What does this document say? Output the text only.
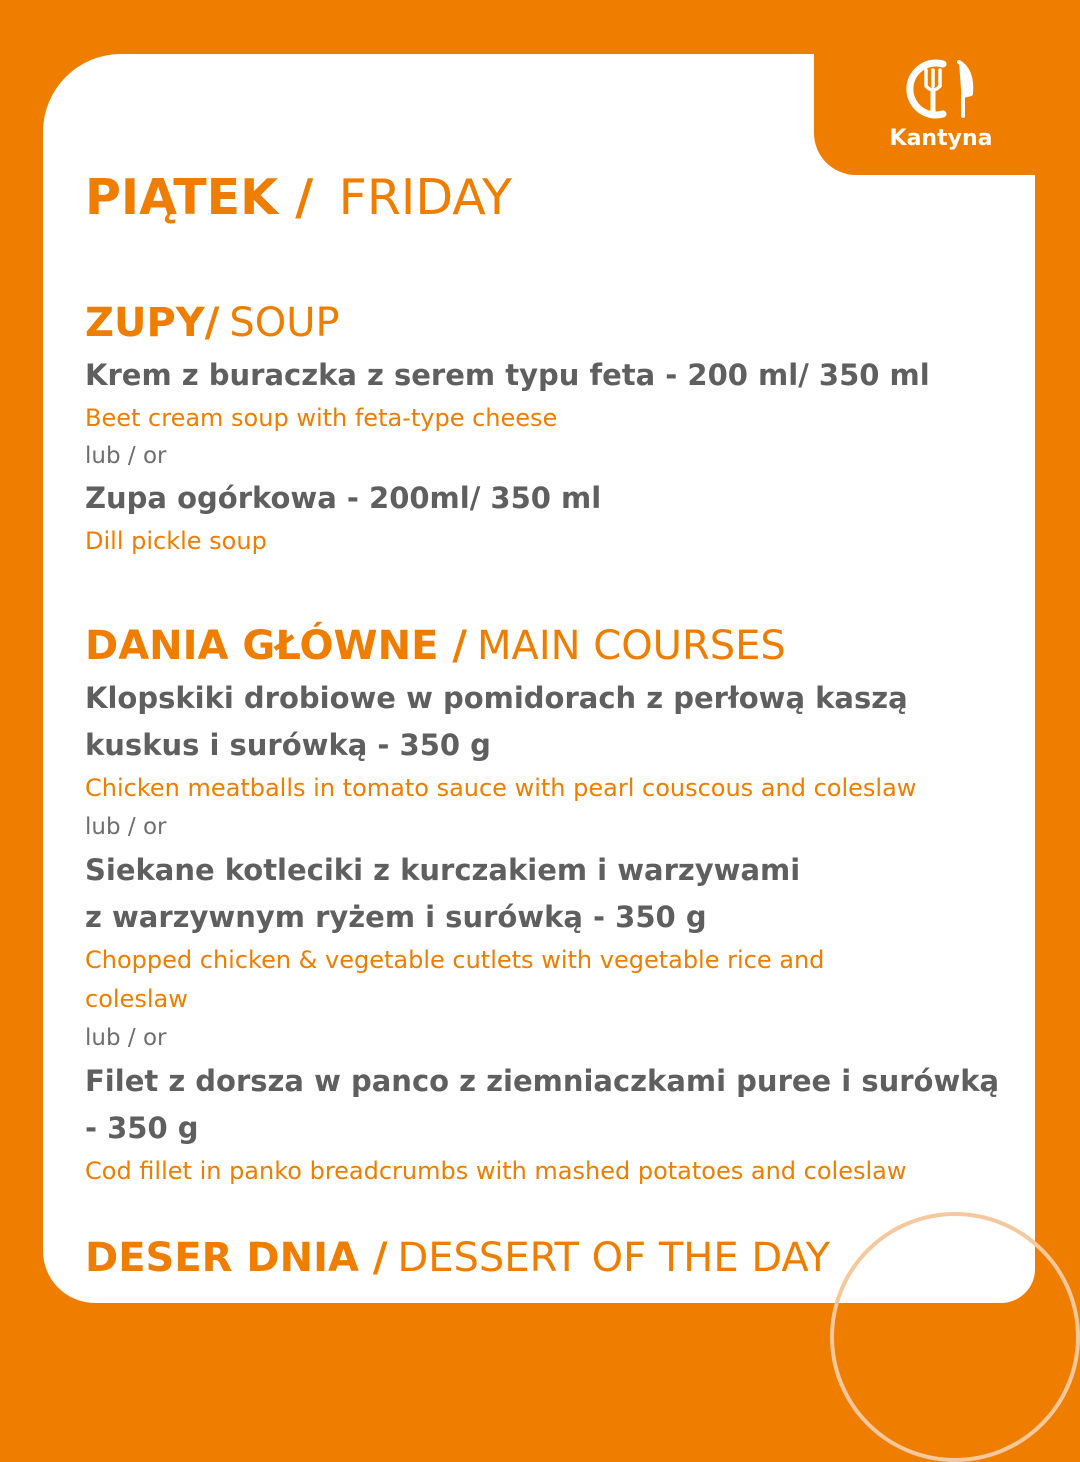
Kantyna
PIĄTEK / FRIDAY
ZUPY/ SOUP
Krem z buraczka z serem typu feta - 200 ml/ 350 ml
Beet cream soup with feta-type cheese
lub / or
Zupa ogórkowa - 200ml/ 350 ml
Dill pickle soup
DANIA GŁÓWNE / MAIN COURSES
Klopskiki drobiowe w pomidorach z perłową kaszą
kuskus i surówką - 350 g
Chicken meatballs in tomato sauce with pearl couscous and coleslaw
lub / or
Siekane kotleciki z kurczakiem i warzywami
z warzywnym ryżem i surówką - 350 g
Chopped chicken & vegetable cutlets with vegetable rice and
coleslaw
lub / or
Filet z dorsza w panco z ziemniaczkami puree i surówką
- 350 g
Cod fillet in panko breadcrumbs with mashed potatoes and coleslaw
DESER DNIA / DESSERT OF THE DAY
